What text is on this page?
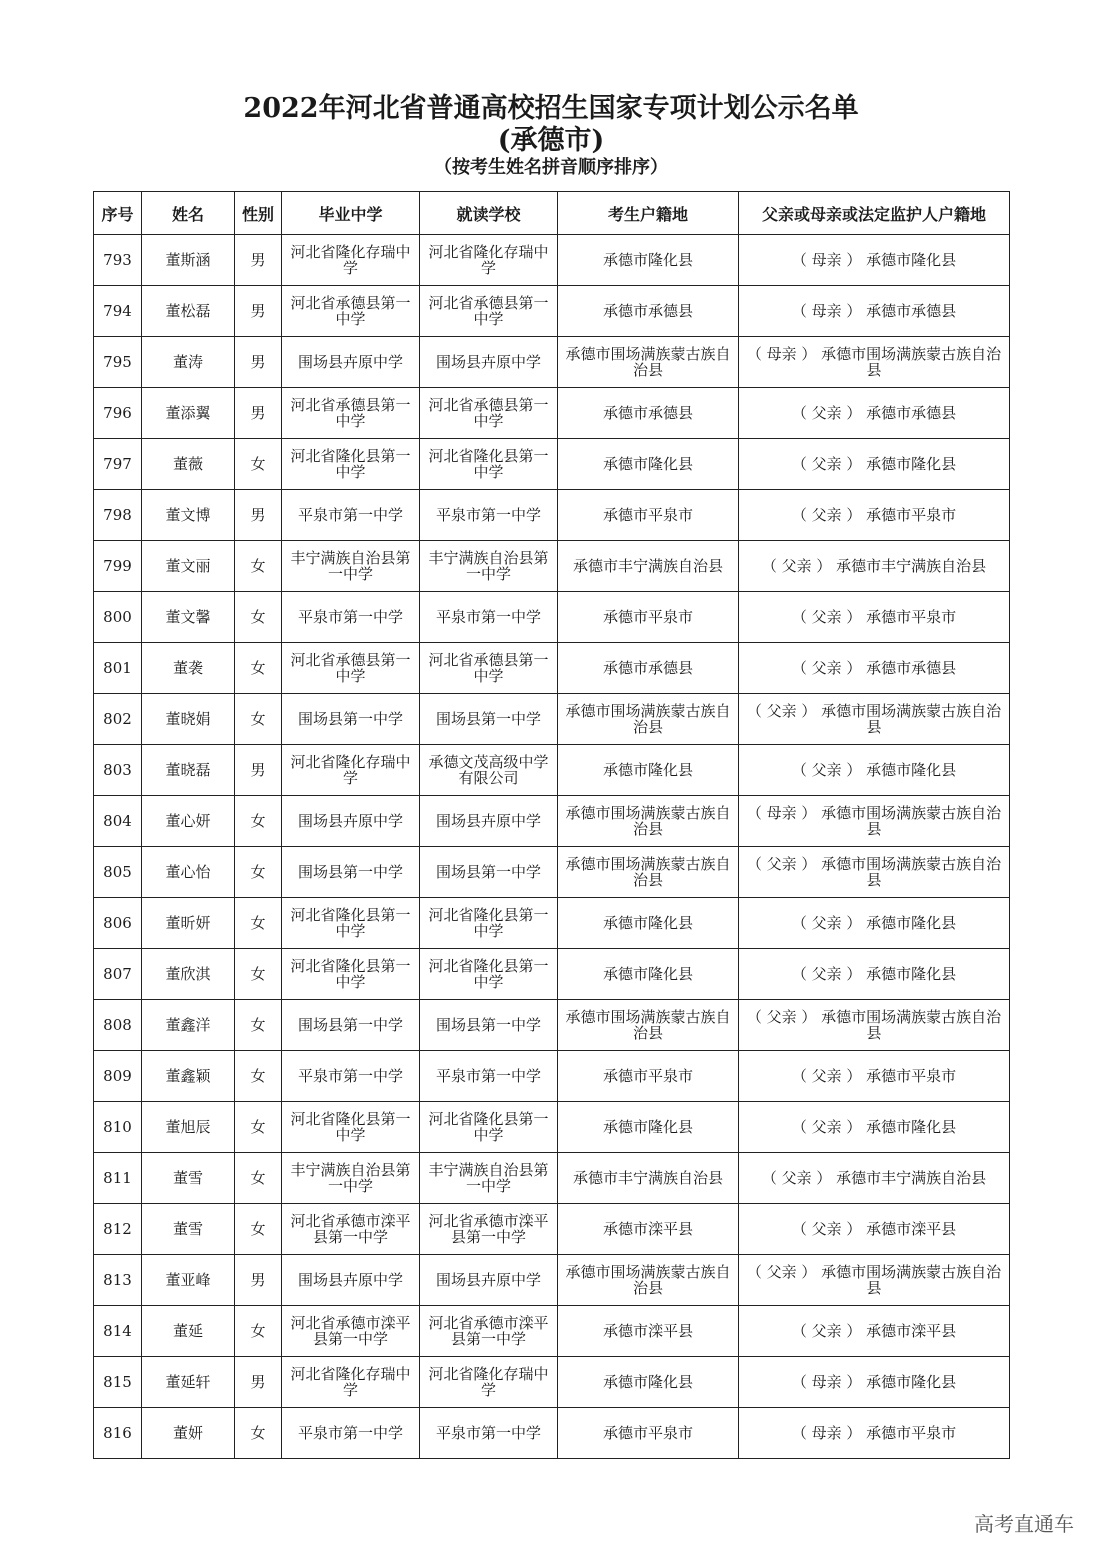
2022年河北省普通高校招生国家专项计划公示名单
(承德市)
（按考生姓名拼音顺序排序）
序号	姓名	性别	毕业中学	就读学校	考生户籍地	父亲或母亲或法定监护人户籍地
793	董斯涵	男	河北省隆化存瑞中学	河北省隆化存瑞中学	承德市隆化县	（ 母亲 ） 承德市隆化县
794	董松磊	男	河北省承德县第一中学	河北省承德县第一中学	承德市承德县	（ 母亲 ） 承德市承德县
795	董涛	男	围场县卉原中学	围场县卉原中学	承德市围场满族蒙古族自治县	（ 母亲 ） 承德市围场满族蒙古族自治县
796	董添翼	男	河北省承德县第一中学	河北省承德县第一中学	承德市承德县	（ 父亲 ） 承德市承德县
797	董薇	女	河北省隆化县第一中学	河北省隆化县第一中学	承德市隆化县	（ 父亲 ） 承德市隆化县
798	董文博	男	平泉市第一中学	平泉市第一中学	承德市平泉市	（ 父亲 ） 承德市平泉市
799	董文丽	女	丰宁满族自治县第一中学	丰宁满族自治县第一中学	承德市丰宁满族自治县	（ 父亲 ） 承德市丰宁满族自治县
800	董文馨	女	平泉市第一中学	平泉市第一中学	承德市平泉市	（ 父亲 ） 承德市平泉市
801	董袭	女	河北省承德县第一中学	河北省承德县第一中学	承德市承德县	（ 父亲 ） 承德市承德县
802	董晓娟	女	围场县第一中学	围场县第一中学	承德市围场满族蒙古族自治县	（ 父亲 ） 承德市围场满族蒙古族自治县
803	董晓磊	男	河北省隆化存瑞中学	承德文茂高级中学有限公司	承德市隆化县	（ 父亲 ） 承德市隆化县
804	董心妍	女	围场县卉原中学	围场县卉原中学	承德市围场满族蒙古族自治县	（ 母亲 ） 承德市围场满族蒙古族自治县
805	董心怡	女	围场县第一中学	围场县第一中学	承德市围场满族蒙古族自治县	（ 父亲 ） 承德市围场满族蒙古族自治县
806	董昕妍	女	河北省隆化县第一中学	河北省隆化县第一中学	承德市隆化县	（ 父亲 ） 承德市隆化县
807	董欣淇	女	河北省隆化县第一中学	河北省隆化县第一中学	承德市隆化县	（ 父亲 ） 承德市隆化县
808	董鑫洋	女	围场县第一中学	围场县第一中学	承德市围场满族蒙古族自治县	（ 父亲 ） 承德市围场满族蒙古族自治县
809	董鑫颖	女	平泉市第一中学	平泉市第一中学	承德市平泉市	（ 父亲 ） 承德市平泉市
810	董旭辰	女	河北省隆化县第一中学	河北省隆化县第一中学	承德市隆化县	（ 父亲 ） 承德市隆化县
811	董雪	女	丰宁满族自治县第一中学	丰宁满族自治县第一中学	承德市丰宁满族自治县	（ 父亲 ） 承德市丰宁满族自治县
812	董雪	女	河北省承德市滦平县第一中学	河北省承德市滦平县第一中学	承德市滦平县	（ 父亲 ） 承德市滦平县
813	董亚峰	男	围场县卉原中学	围场县卉原中学	承德市围场满族蒙古族自治县	（ 父亲 ） 承德市围场满族蒙古族自治县
814	董延	女	河北省承德市滦平县第一中学	河北省承德市滦平县第一中学	承德市滦平县	（ 父亲 ） 承德市滦平县
815	董延轩	男	河北省隆化存瑞中学	河北省隆化存瑞中学	承德市隆化县	（ 母亲 ） 承德市隆化县
816	董妍	女	平泉市第一中学	平泉市第一中学	承德市平泉市	（ 母亲 ） 承德市平泉市
高考直通车
